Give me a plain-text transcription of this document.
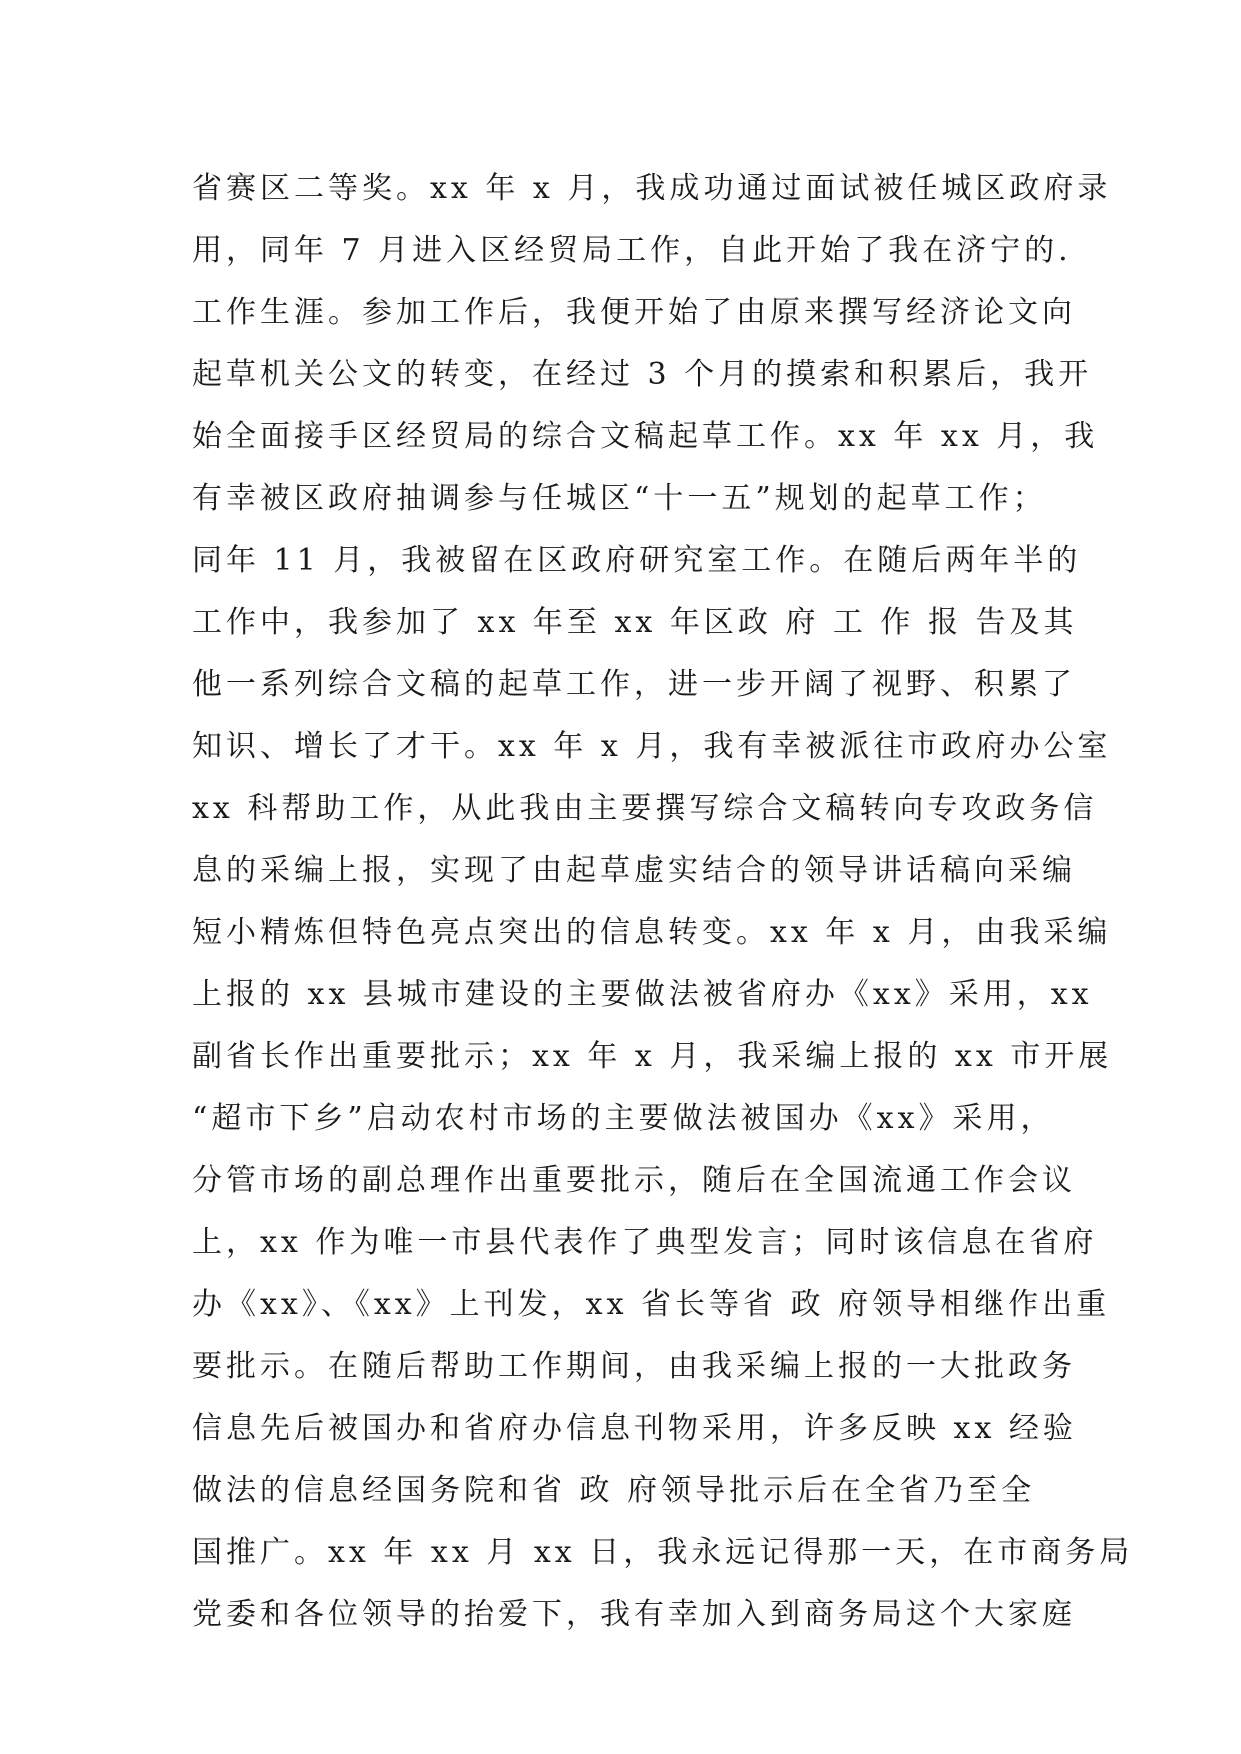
省赛区二等奖。xx 年 x 月，我成功通过面试被任城区政府录
用，同年 7 月进入区经贸局工作，自此开始了我在济宁的.
工作生涯。参加工作后，我便开始了由原来撰写经济论文向
起草机关公文的转变，在经过 3 个月的摸索和积累后，我开
始全面接手区经贸局的综合文稿起草工作。xx 年 xx 月，我
有幸被区政府抽调参与任城区“十一五”规划的起草工作；
同年 11 月，我被留在区政府研究室工作。在随后两年半的
工作中，我参加了 xx 年至 xx 年区政 府 工 作 报 告及其
他一系列综合文稿的起草工作，进一步开阔了视野、积累了
知识、增长了才干。xx 年 x 月，我有幸被派往市政府办公室
xx 科帮助工作，从此我由主要撰写综合文稿转向专攻政务信
息的采编上报，实现了由起草虚实结合的领导讲话稿向采编
短小精炼但特色亮点突出的信息转变。xx 年 x 月，由我采编
上报的 xx 县城市建设的主要做法被省府办《xx》采用，xx
副省长作出重要批示；xx 年 x 月，我采编上报的 xx 市开展
“超市下乡”启动农村市场的主要做法被国办《xx》采用，
分管市场的副总理作出重要批示，随后在全国流通工作会议
上，xx 作为唯一市县代表作了典型发言；同时该信息在省府
办《xx》、《xx》上刊发，xx 省长等省 政 府领导相继作出重
要批示。在随后帮助工作期间，由我采编上报的一大批政务
信息先后被国办和省府办信息刊物采用，许多反映 xx 经验
做法的信息经国务院和省 政 府领导批示后在全省乃至全
国推广。xx 年 xx 月 xx 日，我永远记得那一天，在市商务局
党委和各位领导的抬爱下，我有幸加入到商务局这个大家庭
